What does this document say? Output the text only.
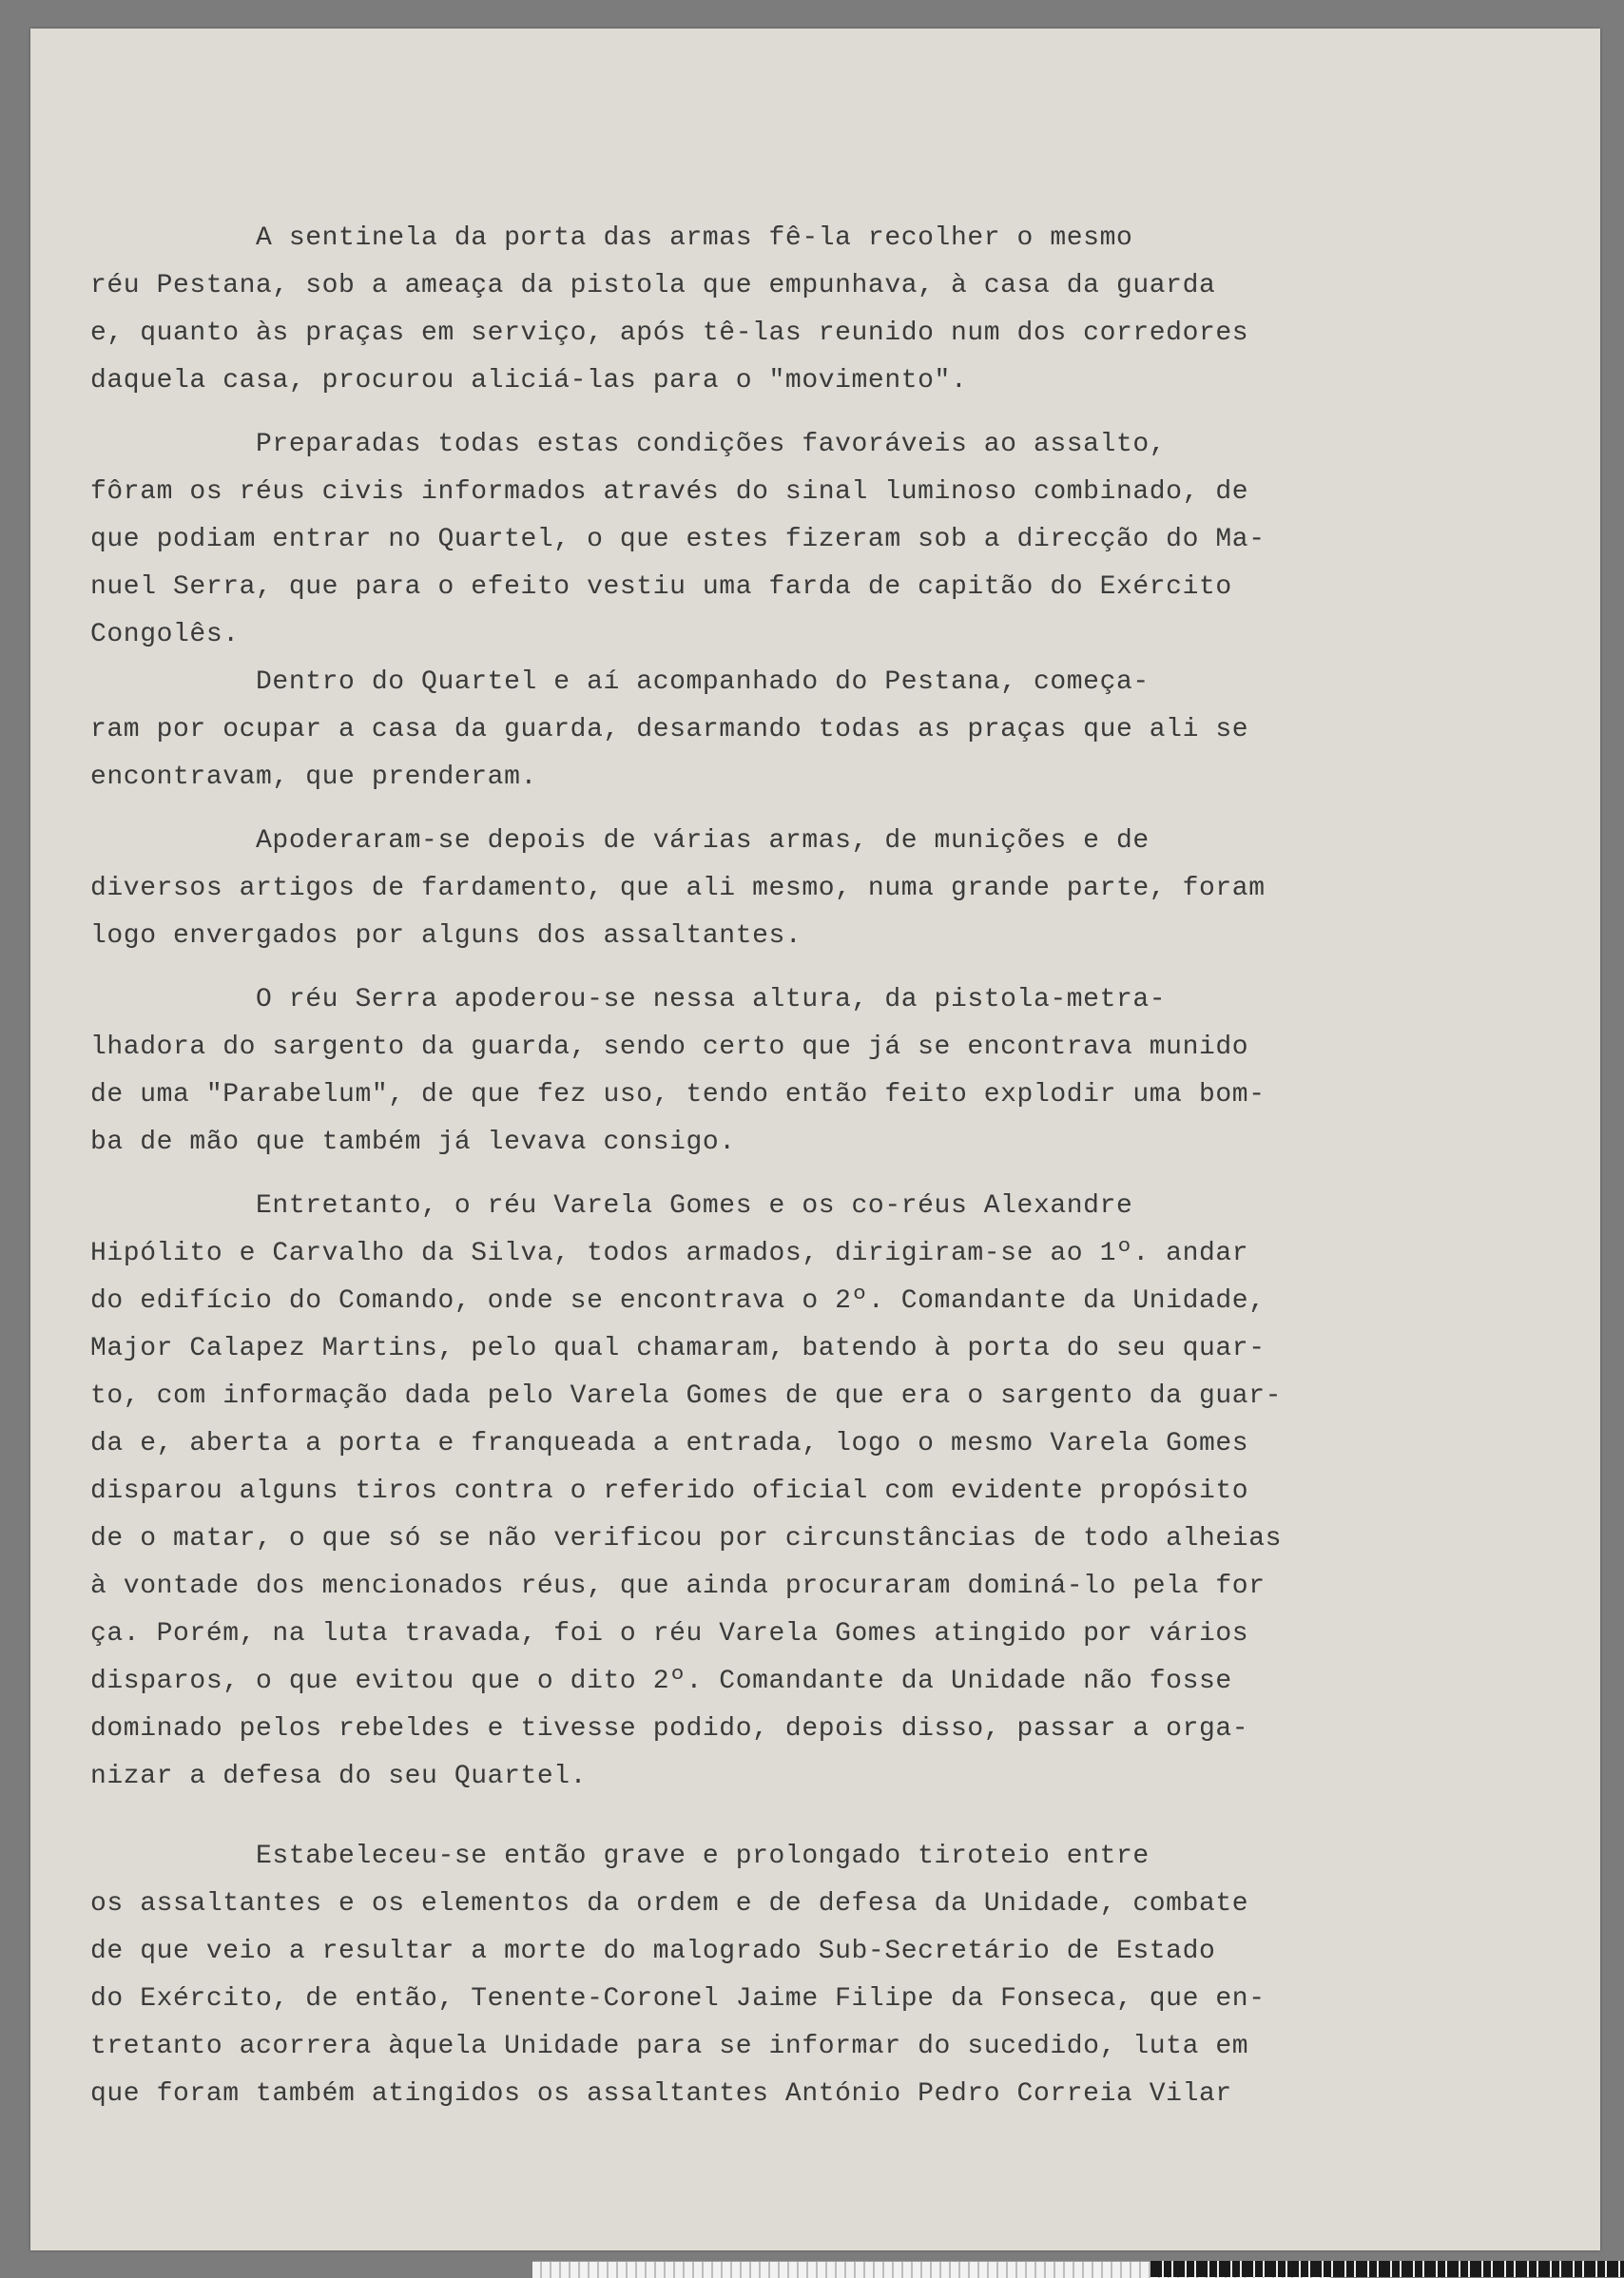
A sentinela da porta das armas fê-la recolher o mesmo
réu Pestana, sob a ameaça da pistola que empunhava, à casa da guarda
e, quanto às praças em serviço, após tê-las reunido num dos corredores
daquela casa, procurou aliciá-las para o "movimento".
Preparadas todas estas condições favoráveis ao assalto,
fôram os réus civis informados através do sinal luminoso combinado, de
que podiam entrar no Quartel, o que estes fizeram sob a direcção do Ma-
nuel Serra, que para o efeito vestiu uma farda de capitão do Exército
Congolês.
Dentro do Quartel e aí acompanhado do Pestana, começa-
ram por ocupar a casa da guarda, desarmando todas as praças que ali se
encontravam, que prenderam.
Apoderaram-se depois de várias armas, de munições e de
diversos artigos de fardamento, que ali mesmo, numa grande parte, foram
logo envergados por alguns dos assaltantes.
O réu Serra apoderou-se nessa altura, da pistola-metra-
lhadora do sargento da guarda, sendo certo que já se encontrava munido
de uma "Parabelum", de que fez uso, tendo então feito explodir uma bom-
ba de mão que também já levava consigo.
Entretanto, o réu Varela Gomes e os co-réus Alexandre
Hipólito e Carvalho da Silva, todos armados, dirigiram-se ao 1º. andar
do edifício do Comando, onde se encontrava o 2º. Comandante da Unidade,
Major Calapez Martins, pelo qual chamaram, batendo à porta do seu quar-
to, com informação dada pelo Varela Gomes de que era o sargento da guar-
da e, aberta a porta e franqueada a entrada, logo o mesmo Varela Gomes
disparou alguns tiros contra o referido oficial com evidente propósito
de o matar, o que só se não verificou por circunstâncias de todo alheias
à vontade dos mencionados réus, que ainda procuraram dominá-lo pela for
ça. Porém, na luta travada, foi o réu Varela Gomes atingido por vários
disparos, o que evitou que o dito 2º. Comandante da Unidade não fosse
dominado pelos rebeldes e tivesse podido, depois disso, passar a orga-
nizar a defesa do seu Quartel.
Estabeleceu-se então grave e prolongado tiroteio entre
os assaltantes e os elementos da ordem e de defesa da Unidade, combate
de que veio a resultar a morte do malogrado Sub-Secretário de Estado
do Exército, de então, Tenente-Coronel Jaime Filipe da Fonseca, que en-
tretanto acorrera àquela Unidade para se informar do sucedido, luta em
que foram também atingidos os assaltantes António Pedro Correia Vilar
